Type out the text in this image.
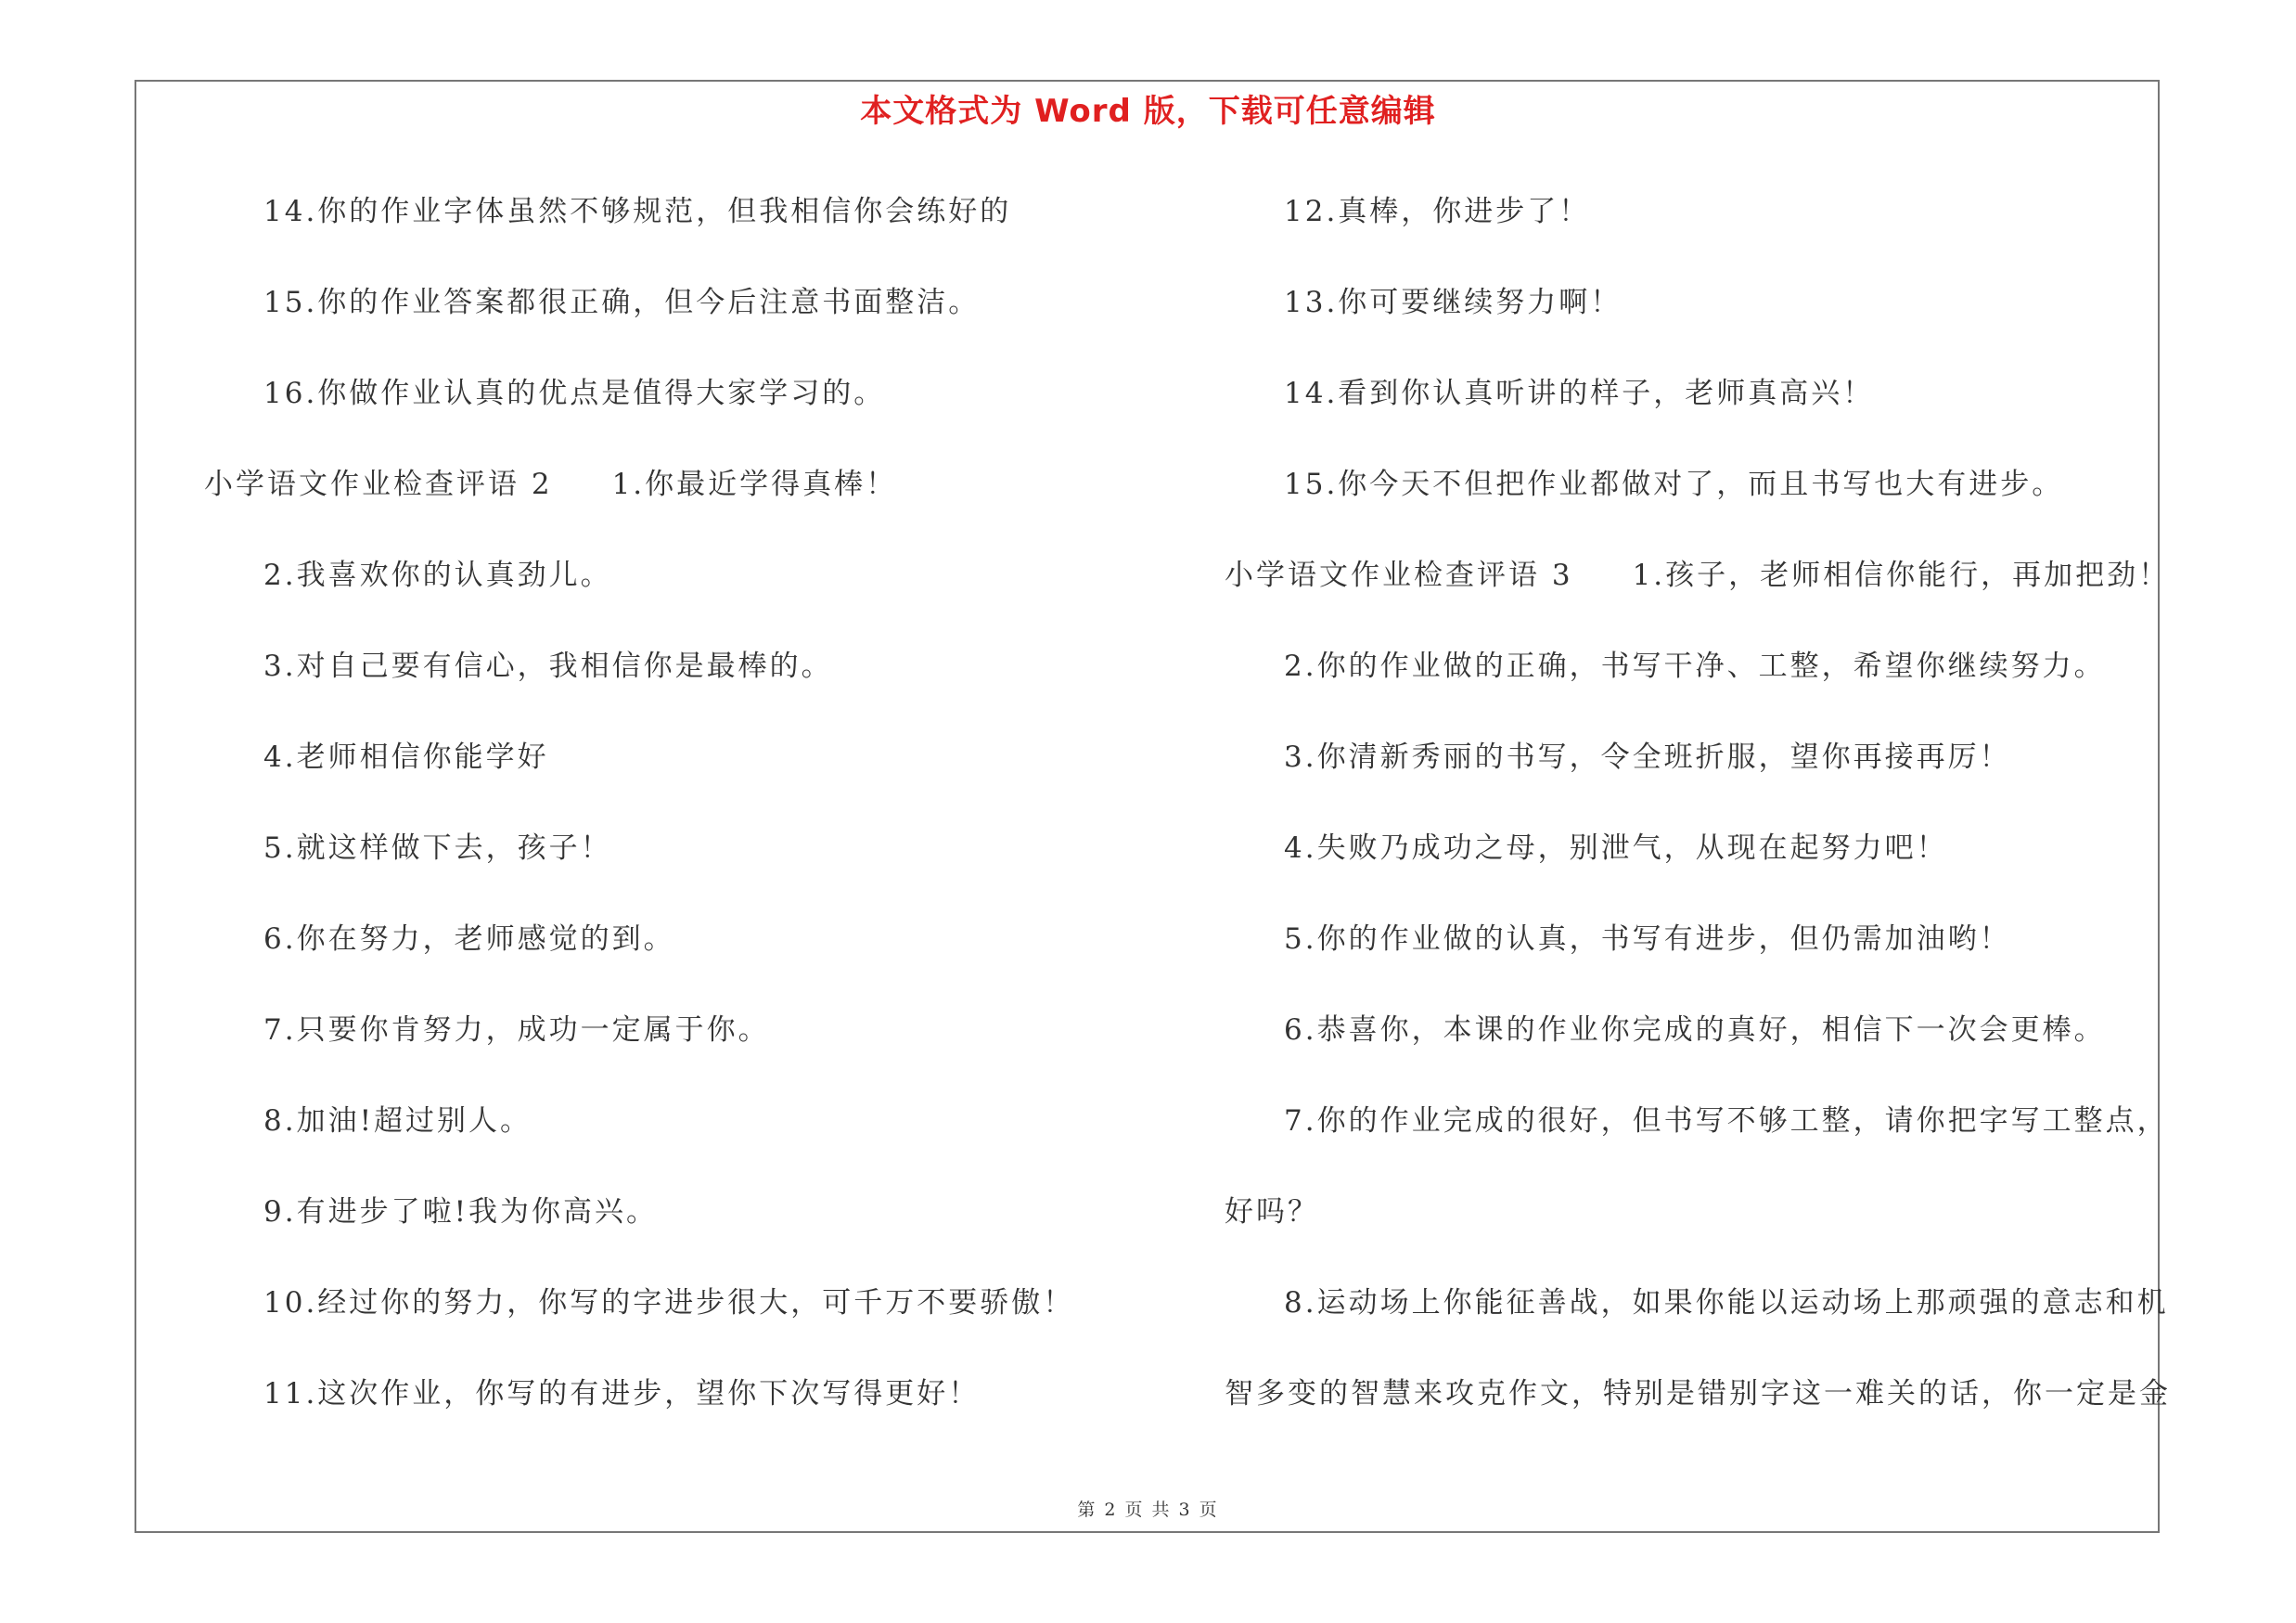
本文格式为 Word 版，下载可任意编辑
14.你的作业字体虽然不够规范，但我相信你会练好的
15.你的作业答案都很正确，但今后注意书面整洁。
16.你做作业认真的优点是值得大家学习的。
小学语文作业检查评语 2 1.你最近学得真棒！
2.我喜欢你的认真劲儿。
3.对自己要有信心，我相信你是最棒的。
4.老师相信你能学好
5.就这样做下去，孩子！
6.你在努力，老师感觉的到。
7.只要你肯努力，成功一定属于你。
8.加油!超过别人。
9.有进步了啦!我为你高兴。
10.经过你的努力，你写的字进步很大，可千万不要骄傲！
11.这次作业，你写的有进步，望你下次写得更好！
12.真棒，你进步了！
13.你可要继续努力啊！
14.看到你认真听讲的样子，老师真高兴！
15.你今天不但把作业都做对了，而且书写也大有进步。
小学语文作业检查评语 3 1.孩子，老师相信你能行，再加把劲！
2.你的作业做的正确，书写干净、工整，希望你继续努力。
3.你清新秀丽的书写，令全班折服，望你再接再厉！
4.失败乃成功之母，别泄气，从现在起努力吧！
5.你的作业做的认真，书写有进步，但仍需加油哟！
6.恭喜你，本课的作业你完成的真好，相信下一次会更棒。
7.你的作业完成的很好，但书写不够工整，请你把字写工整点，
好吗？
8.运动场上你能征善战，如果你能以运动场上那顽强的意志和机
智多变的智慧来攻克作文，特别是错别字这一难关的话，你一定是金
第 2 页 共 3 页
